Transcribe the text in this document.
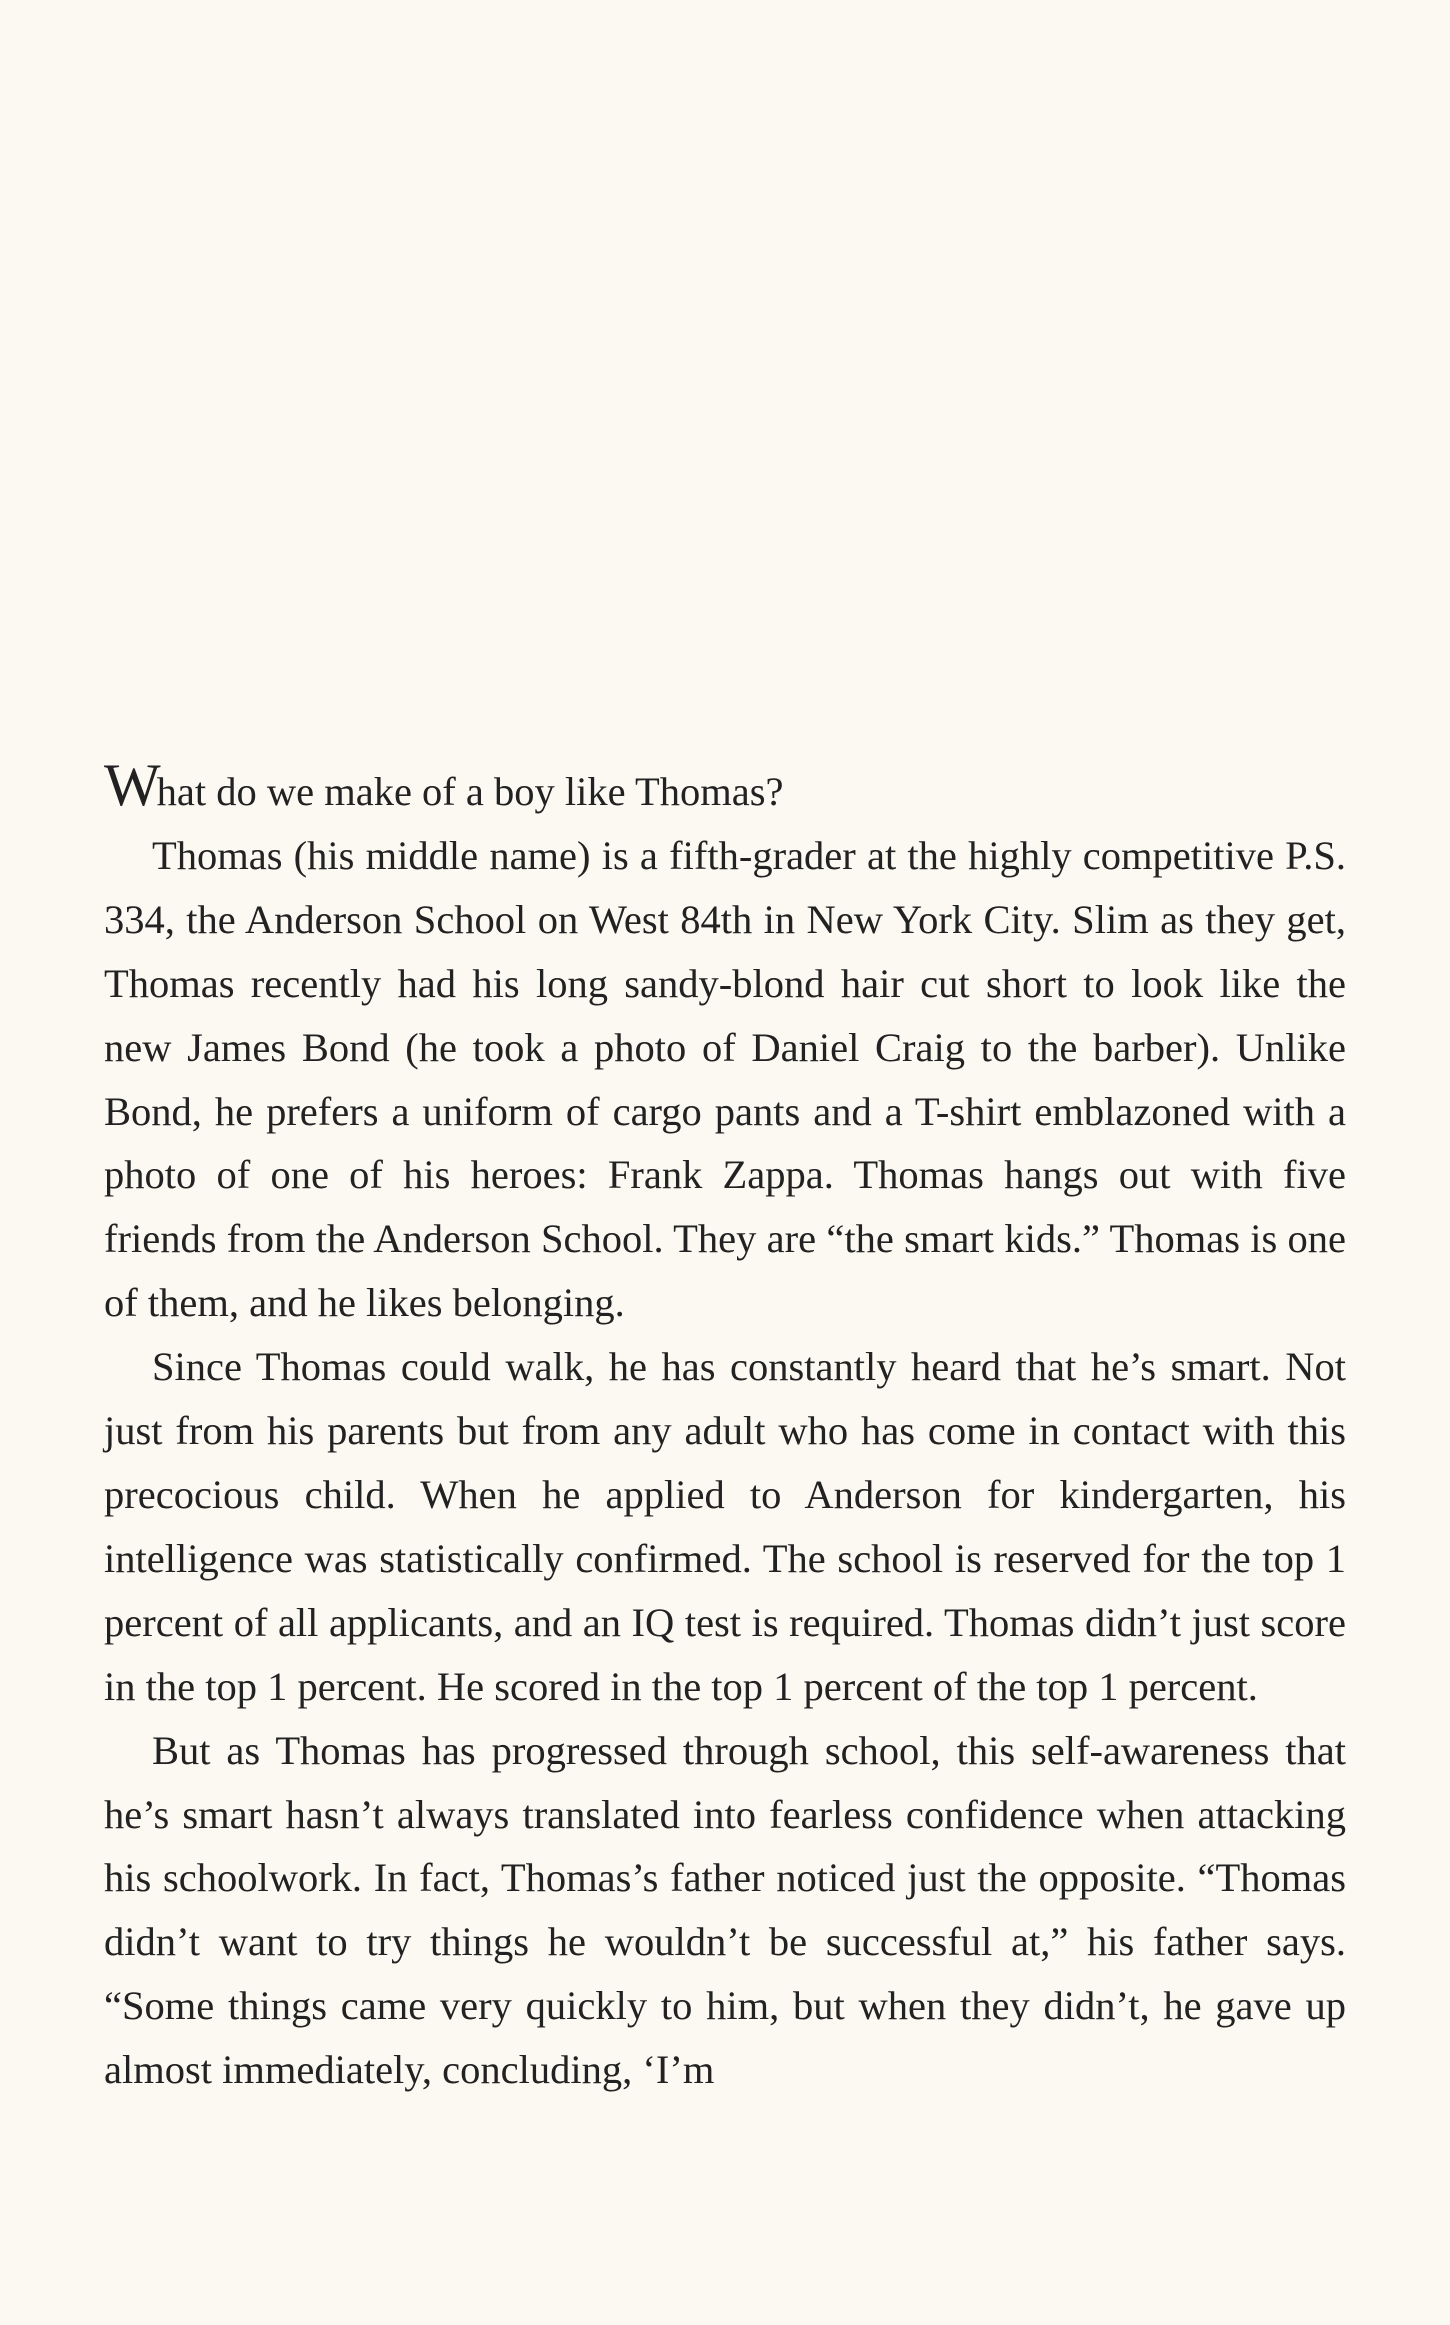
What do we make of a boy like Thomas?

Thomas (his middle name) is a fifth-grader at the highly competitive P.S. 334, the Anderson School on West 84th in New York City. Slim as they get, Thomas recently had his long sandy-blond hair cut short to look like the new James Bond (he took a photo of Daniel Craig to the barber). Unlike Bond, he prefers a uniform of cargo pants and a T-shirt emblazoned with a photo of one of his heroes: Frank Zappa. Thomas hangs out with five friends from the Anderson School. They are “the smart kids.” Thomas is one of them, and he likes belonging.

Since Thomas could walk, he has constantly heard that he’s smart. Not just from his parents but from any adult who has come in contact with this precocious child. When he applied to Anderson for kindergarten, his intelligence was statistically confirmed. The school is reserved for the top 1 percent of all applicants, and an IQ test is required. Thomas didn’t just score in the top 1 percent. He scored in the top 1 percent of the top 1 percent.

But as Thomas has progressed through school, this self-awareness that he’s smart hasn’t always translated into fearless confidence when attacking his schoolwork. In fact, Thomas’s father noticed just the opposite. “Thomas didn’t want to try things he wouldn’t be successful at,” his father says. “Some things came very quickly to him, but when they didn’t, he gave up almost immediately, concluding, ‘I’m
